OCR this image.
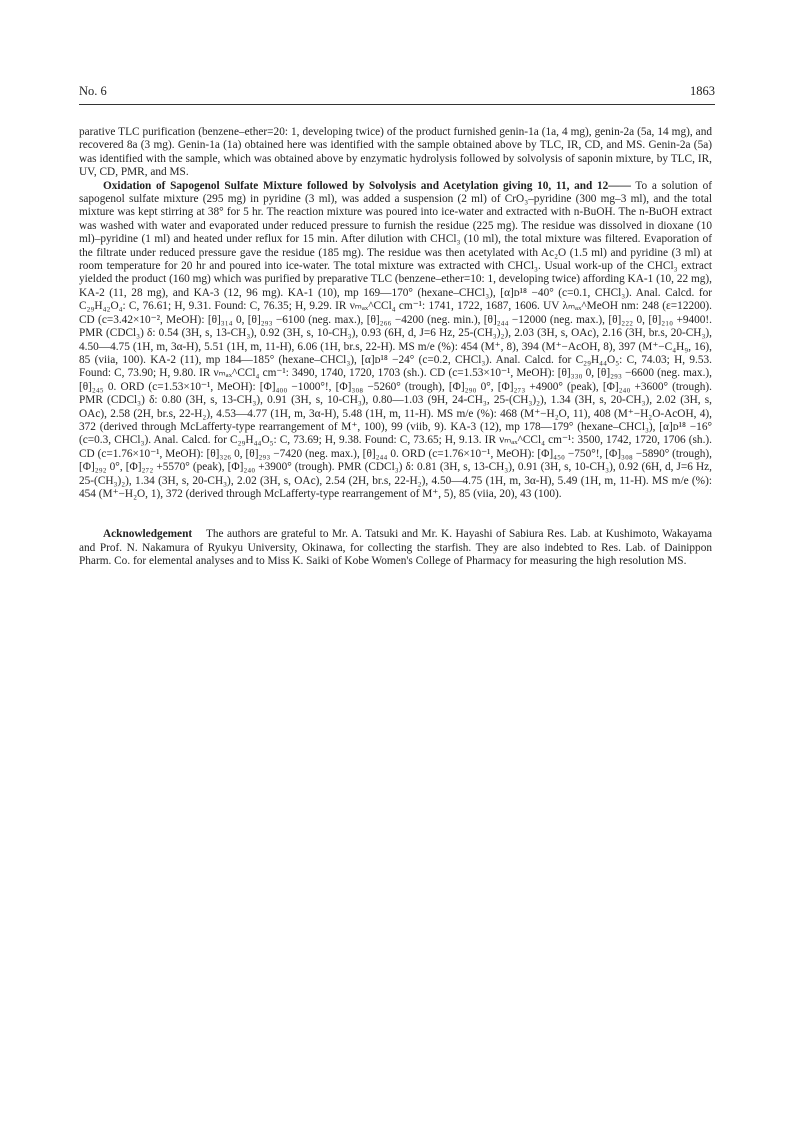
No. 6	1863

parative TLC purification (benzene–ether=20: 1, developing twice) of the product furnished genin-1a (1a, 4 mg), genin-2a (5a, 14 mg), and recovered 8a (3 mg). Genin-1a (1a) obtained here was identified with the sample obtained above by TLC, IR, CD, and MS. Genin-2a (5a) was identified with the sample, which was obtained above by enzymatic hydrolysis followed by solvolysis of saponin mixture, by TLC, IR, UV, CD, PMR, and MS.

Oxidation of Sapogenol Sulfate Mixture followed by Solvolysis and Acetylation giving 10, 11, and 12—— To a solution of sapogenol sulfate mixture (295 mg) in pyridine (3 ml), was added a suspension (2 ml) of CrO₃–pyridine (300 mg–3 ml), and the total mixture was kept stirring at 38° for 5 hr. The reaction mixture was poured into ice-water and extracted with n-BuOH. The n-BuOH extract was washed with water and evaporated under reduced pressure to furnish the residue (225 mg). The residue was dissolved in dioxane (10 ml)–pyridine (1 ml) and heated under reflux for 15 min. After dilution with CHCl₃ (10 ml), the total mixture was filtered. Evaporation of the filtrate under reduced pressure gave the residue (185 mg). The residue was then acetylated with Ac₂O (1.5 ml) and pyridine (3 ml) at room temperature for 20 hr and poured into ice-water. The total mixture was extracted with CHCl₃. Usual work-up of the CHCl₃ extract yielded the product (160 mg) which was purified by preparative TLC (benzene–ether=10: 1, developing twice) affording KA-1 (10, 22 mg), KA-2 (11, 28 mg), and KA-3 (12, 96 mg). KA-1 (10), mp 169—170° (hexane–CHCl₃), [α]ᴅ¹⁸ −40° (c=0.1, CHCl₃). Anal. Calcd. for C₂₉H₄₂O₄: C, 76.61; H, 9.31. Found: C, 76.35; H, 9.29. IR νₘₐₓ^CCl₄ cm⁻¹: 1741, 1722, 1687, 1606. UV λₘₐₓ^MeOH nm: 248 (ε=12200). CD (c=3.42×10⁻², MeOH): [θ]₃₁₄ 0, [θ]₂₉₃ −6100 (neg. max.), [θ]₂₆₆ −4200 (neg. min.), [θ]₂₄₄ −12000 (neg. max.), [θ]₂₂₂ 0, [θ]₂₁₀ +9400!. PMR (CDCl₃) δ: 0.54 (3H, s, 13-CH₃), 0.92 (3H, s, 10-CH₃), 0.93 (6H, d, J=6 Hz, 25-(CH₃)₂), 2.03 (3H, s, OAc), 2.16 (3H, br.s, 20-CH₃), 4.50—4.75 (1H, m, 3α-H), 5.51 (1H, m, 11-H), 6.06 (1H, br.s, 22-H). MS m/e (%): 454 (M⁺, 8), 394 (M⁺−AcOH, 8), 397 (M⁺−C₄H₉, 16), 85 (viia, 100). KA-2 (11), mp 184—185° (hexane–CHCl₃), [α]ᴅ¹⁸ −24° (c=0.2, CHCl₃). Anal. Calcd. for C₂₉H₄₄O₅: C, 74.03; H, 9.53. Found: C, 73.90; H, 9.80. IR νₘₐₓ^CCl₄ cm⁻¹: 3490, 1740, 1720, 1703 (sh.). CD (c=1.53×10⁻¹, MeOH): [θ]₃₃₀ 0, [θ]₂₉₃ −6600 (neg. max.), [θ]₂₄₅ 0. ORD (c=1.53×10⁻¹, MeOH): [Φ]₄₀₀ −1000°!, [Φ]₃₀₈ −5260° (trough), [Φ]₂₉₀ 0°, [Φ]₂₇₃ +4900° (peak), [Φ]₂₄₀ +3600° (trough). PMR (CDCl₃) δ: 0.80 (3H, s, 13-CH₃), 0.91 (3H, s, 10-CH₃), 0.80—1.03 (9H, 24-CH₃, 25-(CH₃)₂), 1.34 (3H, s, 20-CH₃), 2.02 (3H, s, OAc), 2.58 (2H, br.s, 22-H₂), 4.53—4.77 (1H, m, 3α-H), 5.48 (1H, m, 11-H). MS m/e (%): 468 (M⁺−H₂O, 11), 408 (M⁺−H₂O-AcOH, 4), 372 (derived through McLafferty-type rearrangement of M⁺, 100), 99 (viib, 9). KA-3 (12), mp 178—179° (hexane–CHCl₃), [α]ᴅ¹⁸ −16° (c=0.3, CHCl₃). Anal. Calcd. for C₂₉H₄₄O₅: C, 73.69; H, 9.38. Found: C, 73.65; H, 9.13. IR νₘₐₓ^CCl₄ cm⁻¹: 3500, 1742, 1720, 1706 (sh.). CD (c=1.76×10⁻¹, MeOH): [θ]₃₂₆ 0, [θ]₂₉₃ −7420 (neg. max.), [θ]₂₄₄ 0. ORD (c=1.76×10⁻¹, MeOH): [Φ]₄₅₀ −750°!, [Φ]₃₀₈ −5890° (trough), [Φ]₂₉₂ 0°, [Φ]₂₇₂ +5570° (peak), [Φ]₂₄₀ +3900° (trough). PMR (CDCl₃) δ: 0.81 (3H, s, 13-CH₃), 0.91 (3H, s, 10-CH₃), 0.92 (6H, d, J=6 Hz, 25-(CH₃)₂), 1.34 (3H, s, 20-CH₃), 2.02 (3H, s, OAc), 2.54 (2H, br.s, 22-H₂), 4.50—4.75 (1H, m, 3α-H), 5.49 (1H, m, 11-H). MS m/e (%): 454 (M⁺−H₂O, 1), 372 (derived through McLafferty-type rearrangement of M⁺, 5), 85 (viia, 20), 43 (100).

Acknowledgement The authors are grateful to Mr. A. Tatsuki and Mr. K. Hayashi of Sabiura Res. Lab. at Kushimoto, Wakayama and Prof. N. Nakamura of Ryukyu University, Okinawa, for collecting the starfish. They are also indebted to Res. Lab. of Dainippon Pharm. Co. for elemental analyses and to Miss K. Saiki of Kobe Women's College of Pharmacy for measuring the high resolution MS.
